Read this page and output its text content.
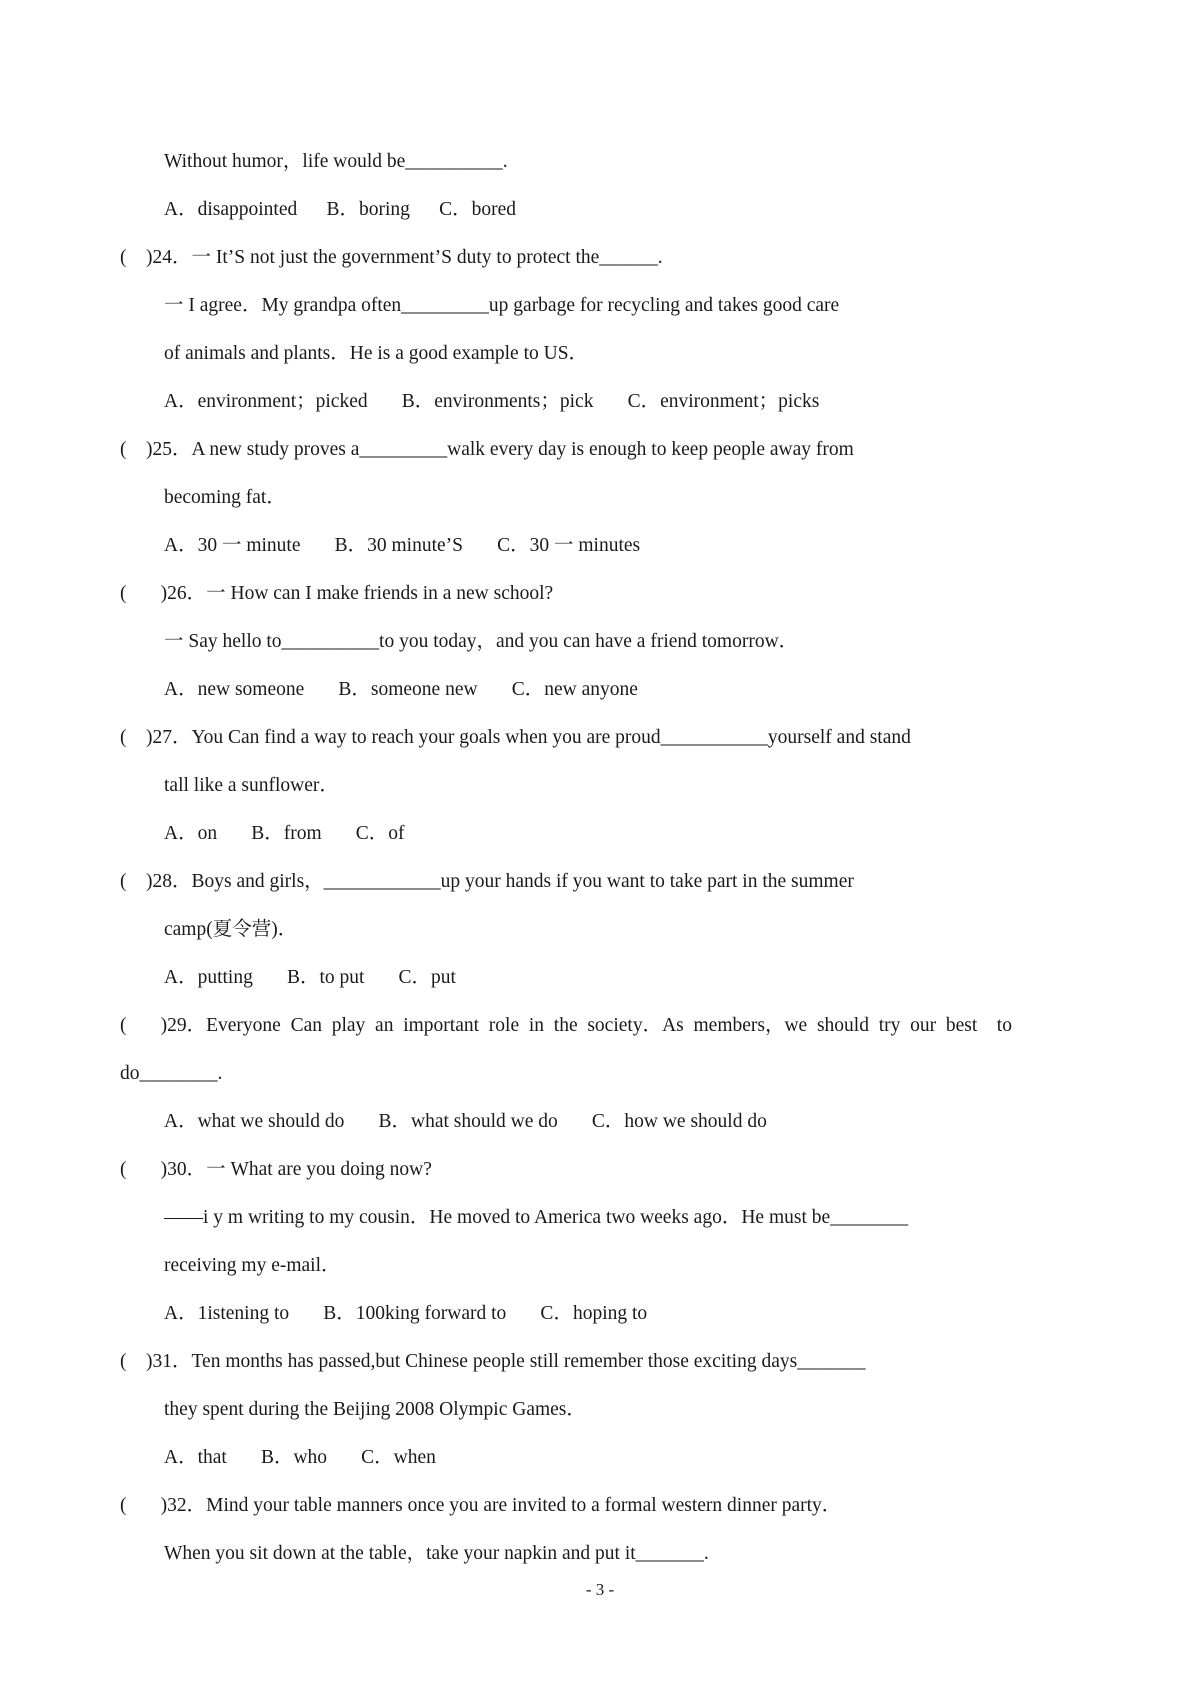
Without humor，life would be__________.
A．disappointed      B．boring      C．bored
(    )24．一 It’S not just the government’S duty to protect the______.
一 I agree．My grandpa often_________up garbage for recycling and takes good care
of animals and plants．He is a good example to US．
A．environment；picked       B．environments；pick       C．environment；picks
(    )25．A new study proves a_________walk every day is enough to keep people away from
becoming fat．
A．30 一 minute       B．30 minute’S       C．30 一 minutes
(       )26．一 How can I make friends in a new school?
一 Say hello to__________to you today，and you can have a friend tomorrow．
A．new someone       B．someone new       C．new anyone
(    )27．You Can find a way to reach your goals when you are proud___________yourself and stand
tall like a sunflower．
A．on       B．from       C．of
(    )28．Boys and girls，____________up your hands if you want to take part in the summer
camp(夏令营)．
A．putting       B．to put       C．put
(       )29．Everyone  Can  play  an  important  role  in  the  society．As  members，we  should  try  our  best    to
do________.
A．what we should do       B．what should we do       C．how we should do
(       )30．一 What are you doing now?
——i y m writing to my cousin．He moved to America two weeks ago．He must be________
receiving my e-mail．
A．1istening to       B．100king forward to       C．hoping to
(    )31．Ten months has passed,but Chinese people still remember those exciting days_______
they spent during the Beijing 2008 Olympic Games．
A．that       B．who       C．when
(       )32．Mind your table manners once you are invited to a formal western dinner party．
When you sit down at the table，take your napkin and put it_______.
- 3 -
